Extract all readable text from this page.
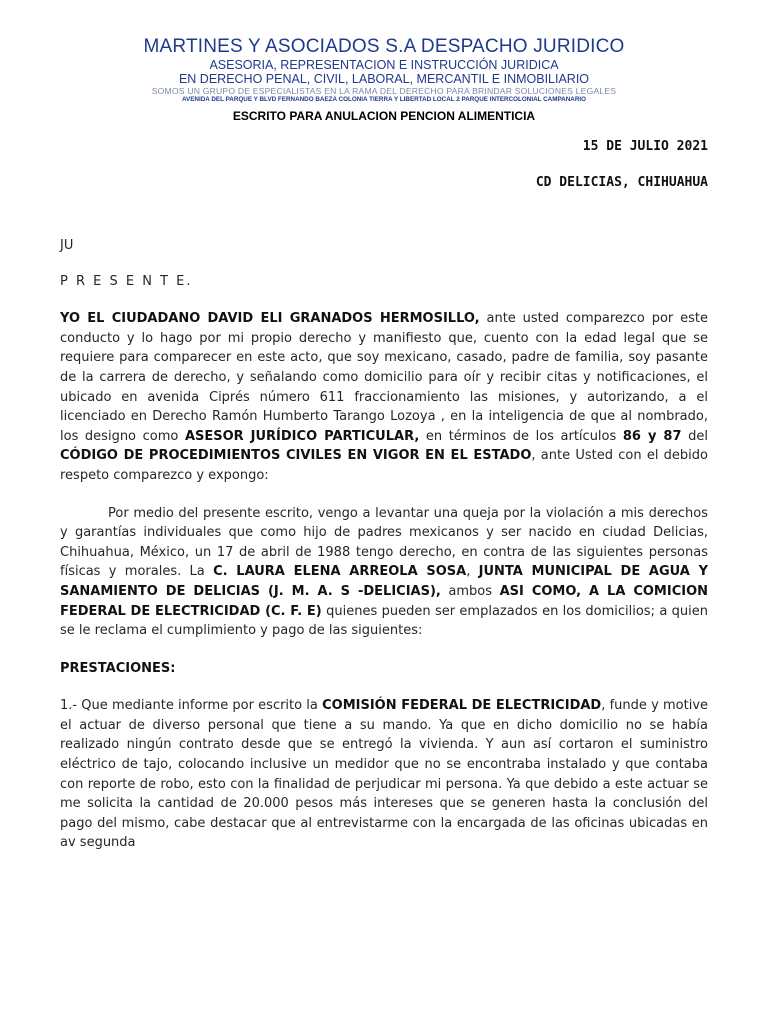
MARTINES Y ASOCIADOS S.A DESPACHO JURIDICO
ASESORIA, REPRESENTACION E INSTRUCCIÓN JURIDICA
EN DERECHO PENAL, CIVIL, LABORAL, MERCANTIL E INMOBILIARIO
SOMOS UN GRUPO DE ESPECIALISTAS EN LA RAMA DEL DERECHO PARA BRINDAR SOLUCIONES LEGALES
AVENIDA DEL PARQUE Y BLVD FERNANDO BAEZA COLONIA TIERRA Y LIBERTAD LOCAL 2 PARQUE INTERCOLONIAL CAMPANARIO
ESCRITO PARA ANULACION PENCION ALIMENTICIA
15 DE JULIO 2021
CD DELICIAS, CHIHUAHUA

JU

P R E S E N T E.

YO EL CIUDADANO DAVID ELI GRANADOS HERMOSILLO, ante usted comparezco por este conducto y lo hago por mi propio derecho y manifiesto que, cuento con la edad legal que se requiere para comparecer en este acto, que soy mexicano, casado, padre de familia, soy pasante de la carrera de derecho, y señalando como domicilio para oír y recibir citas y notificaciones, el ubicado en avenida Ciprés número 611 fraccionamiento las misiones, y autorizando, a el licenciado en Derecho Ramón Humberto Tarango Lozoya , en la inteligencia de que al nombrado, los designo como ASESOR JURÍDICO PARTICULAR, en términos de los artículos 86 y 87 del CÓDIGO DE PROCEDIMIENTOS CIVILES EN VIGOR EN EL ESTADO, ante Usted con el debido respeto comparezco y expongo:

Por medio del presente escrito, vengo a levantar una queja por la violación a mis derechos y garantías individuales que como hijo de padres mexicanos y ser nacido en ciudad Delicias, Chihuahua, México, un 17 de abril de 1988 tengo derecho, en contra de las siguientes personas físicas y morales. La C. LAURA ELENA ARREOLA SOSA, JUNTA MUNICIPAL DE AGUA Y SANAMIENTO DE DELICIAS (J. M. A. S -DELICIAS), ambos ASI COMO, A LA COMICION FEDERAL DE ELECTRICIDAD (C. F. E) quienes pueden ser emplazados en los domicilios; a quien se le reclama el cumplimiento y pago de las siguientes:

PRESTACIONES:

1.- Que mediante informe por escrito la COMISIÓN FEDERAL DE ELECTRICIDAD, funde y motive el actuar de diverso personal que tiene a su mando. Ya que en dicho domicilio no se había realizado ningún contrato desde que se entregó la vivienda. Y aun así cortaron el suministro eléctrico de tajo, colocando inclusive un medidor que no se encontraba instalado y que contaba con reporte de robo, esto con la finalidad de perjudicar mi persona. Ya que debido a este actuar se me solicita la cantidad de 20.000 pesos más intereses que se generen hasta la conclusión del pago del mismo, cabe destacar que al entrevistarme con la encargada de las oficinas ubicadas en av segunda
